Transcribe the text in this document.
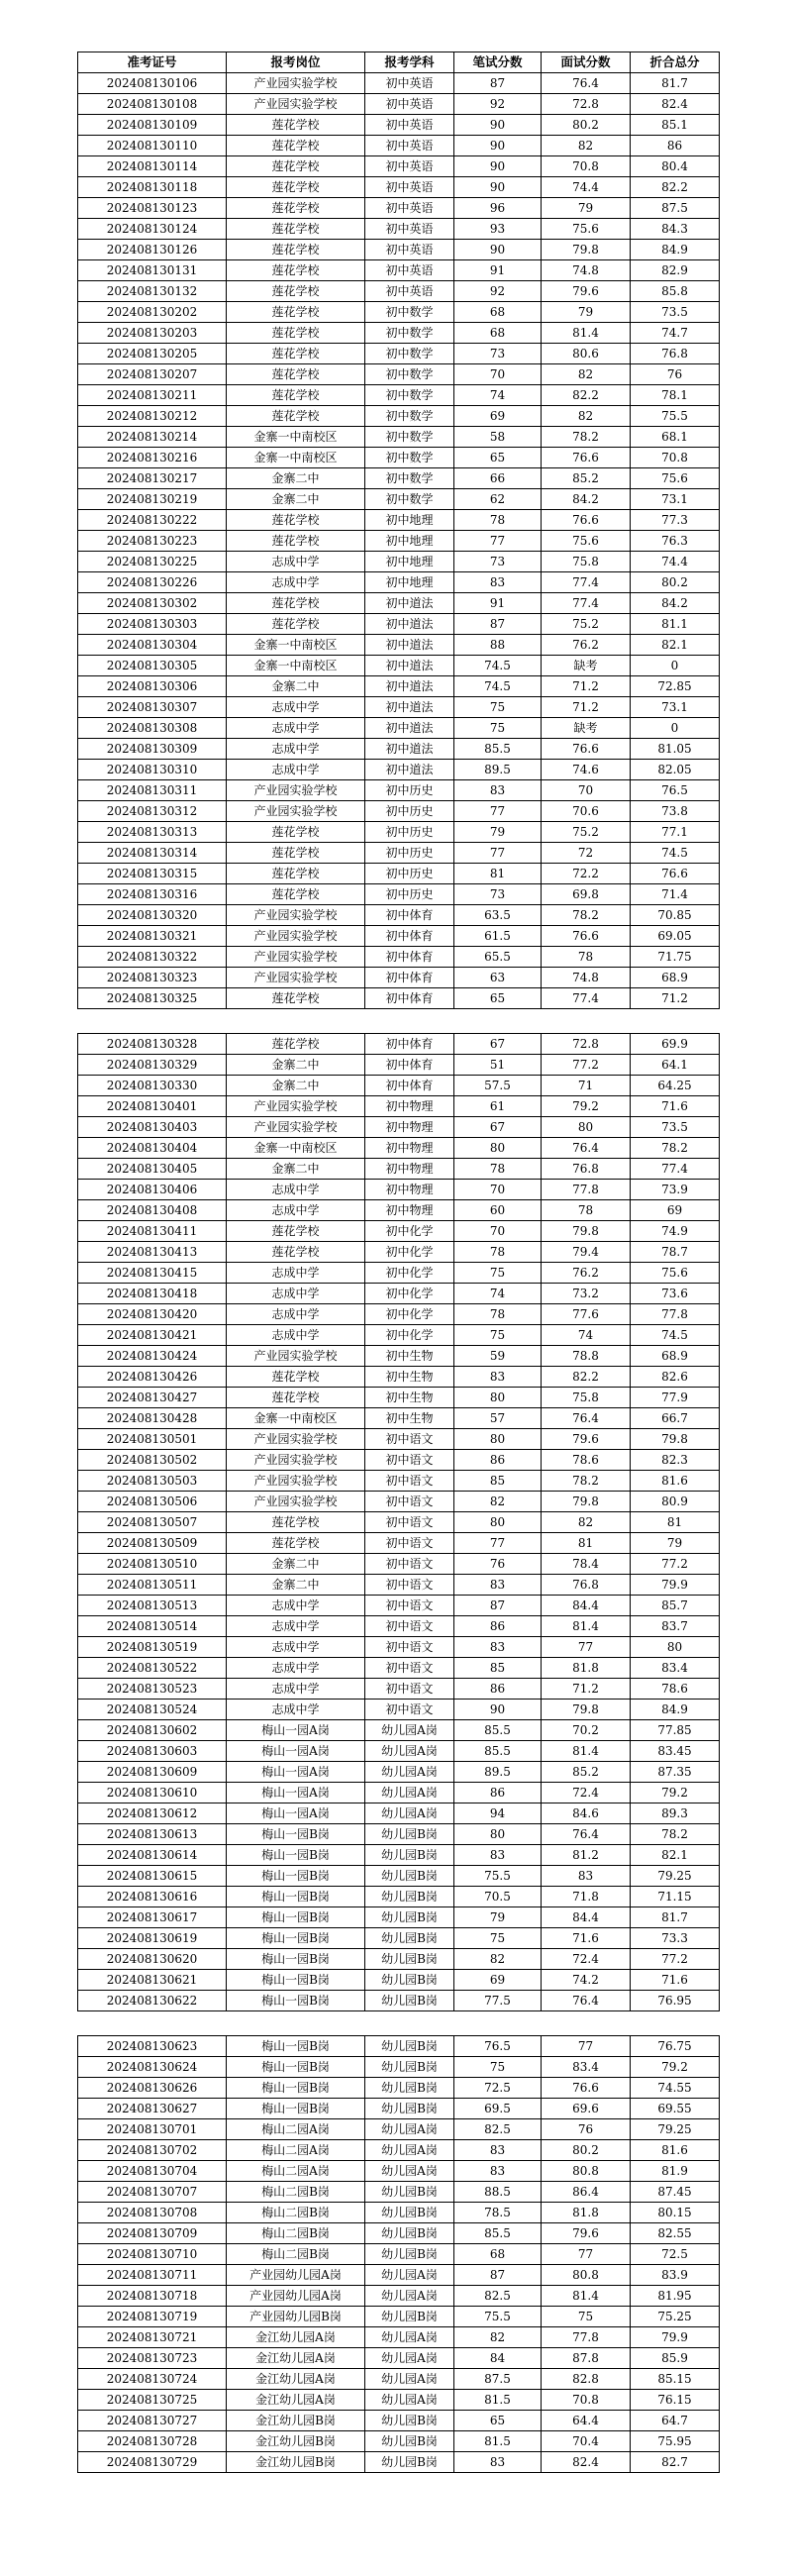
准考证号	报考岗位	报考学科	笔试分数	面试分数	折合总分
202408130106	产业园实验学校	初中英语	87	76.4	81.7
202408130108	产业园实验学校	初中英语	92	72.8	82.4
202408130109	莲花学校	初中英语	90	80.2	85.1
202408130110	莲花学校	初中英语	90	82	86
202408130114	莲花学校	初中英语	90	70.8	80.4
202408130118	莲花学校	初中英语	90	74.4	82.2
202408130123	莲花学校	初中英语	96	79	87.5
202408130124	莲花学校	初中英语	93	75.6	84.3
202408130126	莲花学校	初中英语	90	79.8	84.9
202408130131	莲花学校	初中英语	91	74.8	82.9
202408130132	莲花学校	初中英语	92	79.6	85.8
202408130202	莲花学校	初中数学	68	79	73.5
202408130203	莲花学校	初中数学	68	81.4	74.7
202408130205	莲花学校	初中数学	73	80.6	76.8
202408130207	莲花学校	初中数学	70	82	76
202408130211	莲花学校	初中数学	74	82.2	78.1
202408130212	莲花学校	初中数学	69	82	75.5
202408130214	金寨一中南校区	初中数学	58	78.2	68.1
202408130216	金寨一中南校区	初中数学	65	76.6	70.8
202408130217	金寨二中	初中数学	66	85.2	75.6
202408130219	金寨二中	初中数学	62	84.2	73.1
202408130222	莲花学校	初中地理	78	76.6	77.3
202408130223	莲花学校	初中地理	77	75.6	76.3
202408130225	志成中学	初中地理	73	75.8	74.4
202408130226	志成中学	初中地理	83	77.4	80.2
202408130302	莲花学校	初中道法	91	77.4	84.2
202408130303	莲花学校	初中道法	87	75.2	81.1
202408130304	金寨一中南校区	初中道法	88	76.2	82.1
202408130305	金寨一中南校区	初中道法	74.5	缺考	0
202408130306	金寨二中	初中道法	74.5	71.2	72.85
202408130307	志成中学	初中道法	75	71.2	73.1
202408130308	志成中学	初中道法	75	缺考	0
202408130309	志成中学	初中道法	85.5	76.6	81.05
202408130310	志成中学	初中道法	89.5	74.6	82.05
202408130311	产业园实验学校	初中历史	83	70	76.5
202408130312	产业园实验学校	初中历史	77	70.6	73.8
202408130313	莲花学校	初中历史	79	75.2	77.1
202408130314	莲花学校	初中历史	77	72	74.5
202408130315	莲花学校	初中历史	81	72.2	76.6
202408130316	莲花学校	初中历史	73	69.8	71.4
202408130320	产业园实验学校	初中体育	63.5	78.2	70.85
202408130321	产业园实验学校	初中体育	61.5	76.6	69.05
202408130322	产业园实验学校	初中体育	65.5	78	71.75
202408130323	产业园实验学校	初中体育	63	74.8	68.9
202408130325	莲花学校	初中体育	65	77.4	71.2
202408130328	莲花学校	初中体育	67	72.8	69.9
202408130329	金寨二中	初中体育	51	77.2	64.1
202408130330	金寨二中	初中体育	57.5	71	64.25
202408130401	产业园实验学校	初中物理	61	79.2	71.6
202408130403	产业园实验学校	初中物理	67	80	73.5
202408130404	金寨一中南校区	初中物理	80	76.4	78.2
202408130405	金寨二中	初中物理	78	76.8	77.4
202408130406	志成中学	初中物理	70	77.8	73.9
202408130408	志成中学	初中物理	60	78	69
202408130411	莲花学校	初中化学	70	79.8	74.9
202408130413	莲花学校	初中化学	78	79.4	78.7
202408130415	志成中学	初中化学	75	76.2	75.6
202408130418	志成中学	初中化学	74	73.2	73.6
202408130420	志成中学	初中化学	78	77.6	77.8
202408130421	志成中学	初中化学	75	74	74.5
202408130424	产业园实验学校	初中生物	59	78.8	68.9
202408130426	莲花学校	初中生物	83	82.2	82.6
202408130427	莲花学校	初中生物	80	75.8	77.9
202408130428	金寨一中南校区	初中生物	57	76.4	66.7
202408130501	产业园实验学校	初中语文	80	79.6	79.8
202408130502	产业园实验学校	初中语文	86	78.6	82.3
202408130503	产业园实验学校	初中语文	85	78.2	81.6
202408130506	产业园实验学校	初中语文	82	79.8	80.9
202408130507	莲花学校	初中语文	80	82	81
202408130509	莲花学校	初中语文	77	81	79
202408130510	金寨二中	初中语文	76	78.4	77.2
202408130511	金寨二中	初中语文	83	76.8	79.9
202408130513	志成中学	初中语文	87	84.4	85.7
202408130514	志成中学	初中语文	86	81.4	83.7
202408130519	志成中学	初中语文	83	77	80
202408130522	志成中学	初中语文	85	81.8	83.4
202408130523	志成中学	初中语文	86	71.2	78.6
202408130524	志成中学	初中语文	90	79.8	84.9
202408130602	梅山一园A岗	幼儿园A岗	85.5	70.2	77.85
202408130603	梅山一园A岗	幼儿园A岗	85.5	81.4	83.45
202408130609	梅山一园A岗	幼儿园A岗	89.5	85.2	87.35
202408130610	梅山一园A岗	幼儿园A岗	86	72.4	79.2
202408130612	梅山一园A岗	幼儿园A岗	94	84.6	89.3
202408130613	梅山一园B岗	幼儿园B岗	80	76.4	78.2
202408130614	梅山一园B岗	幼儿园B岗	83	81.2	82.1
202408130615	梅山一园B岗	幼儿园B岗	75.5	83	79.25
202408130616	梅山一园B岗	幼儿园B岗	70.5	71.8	71.15
202408130617	梅山一园B岗	幼儿园B岗	79	84.4	81.7
202408130619	梅山一园B岗	幼儿园B岗	75	71.6	73.3
202408130620	梅山一园B岗	幼儿园B岗	82	72.4	77.2
202408130621	梅山一园B岗	幼儿园B岗	69	74.2	71.6
202408130622	梅山一园B岗	幼儿园B岗	77.5	76.4	76.95
202408130623	梅山一园B岗	幼儿园B岗	76.5	77	76.75
202408130624	梅山一园B岗	幼儿园B岗	75	83.4	79.2
202408130626	梅山一园B岗	幼儿园B岗	72.5	76.6	74.55
202408130627	梅山一园B岗	幼儿园B岗	69.5	69.6	69.55
202408130701	梅山二园A岗	幼儿园A岗	82.5	76	79.25
202408130702	梅山二园A岗	幼儿园A岗	83	80.2	81.6
202408130704	梅山二园A岗	幼儿园A岗	83	80.8	81.9
202408130707	梅山二园B岗	幼儿园B岗	88.5	86.4	87.45
202408130708	梅山二园B岗	幼儿园B岗	78.5	81.8	80.15
202408130709	梅山二园B岗	幼儿园B岗	85.5	79.6	82.55
202408130710	梅山二园B岗	幼儿园B岗	68	77	72.5
202408130711	产业园幼儿园A岗	幼儿园A岗	87	80.8	83.9
202408130718	产业园幼儿园A岗	幼儿园A岗	82.5	81.4	81.95
202408130719	产业园幼儿园B岗	幼儿园B岗	75.5	75	75.25
202408130721	金江幼儿园A岗	幼儿园A岗	82	77.8	79.9
202408130723	金江幼儿园A岗	幼儿园A岗	84	87.8	85.9
202408130724	金江幼儿园A岗	幼儿园A岗	87.5	82.8	85.15
202408130725	金江幼儿园A岗	幼儿园A岗	81.5	70.8	76.15
202408130727	金江幼儿园B岗	幼儿园B岗	65	64.4	64.7
202408130728	金江幼儿园B岗	幼儿园B岗	81.5	70.4	75.95
202408130729	金江幼儿园B岗	幼儿园B岗	83	82.4	82.7
